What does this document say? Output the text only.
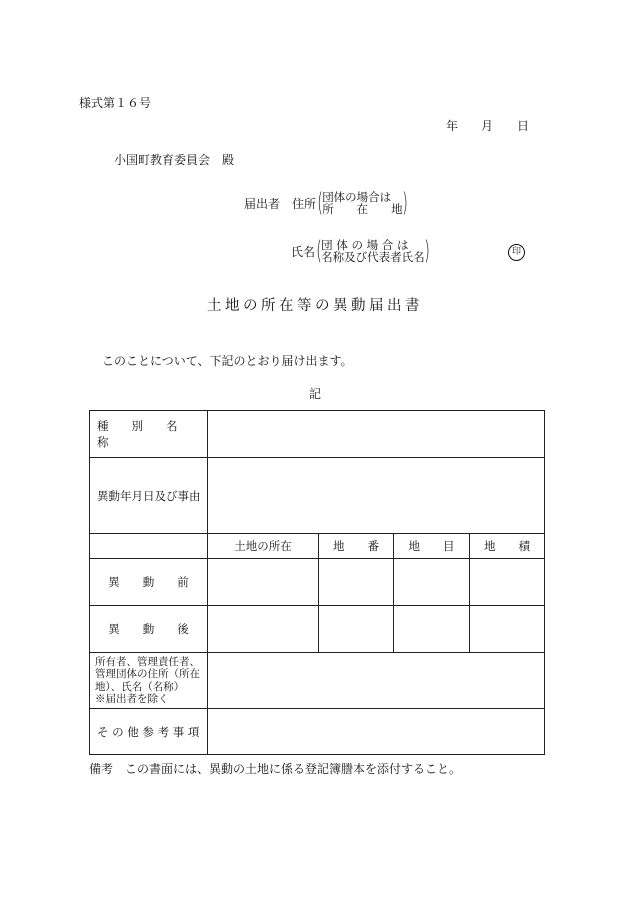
様式第１６号
年 月 日
小国町教育委員会　殿
届出者 住所 ( 団体の場合は
所　　在　　地 )
氏名 ( 団 体 の 場 合 は
名称及び代表者氏名 )	印
土地の所在等の異動届出書
このことについて、下記のとおり届け出ます。
記
種　　別　　名　　称				
異動年月日及び事由				
	土地の所在	地　　番	地　　目	地　　積
異　　動　　前				
異　　動　　後				

所有者、管理責任者、
管理団体の住所（所在
地）、氏名（名称）
※届出者を除く				

そ の 他 参 考 事 項				
備考　この書面には、異動の土地に係る登記簿謄本を添付すること。
